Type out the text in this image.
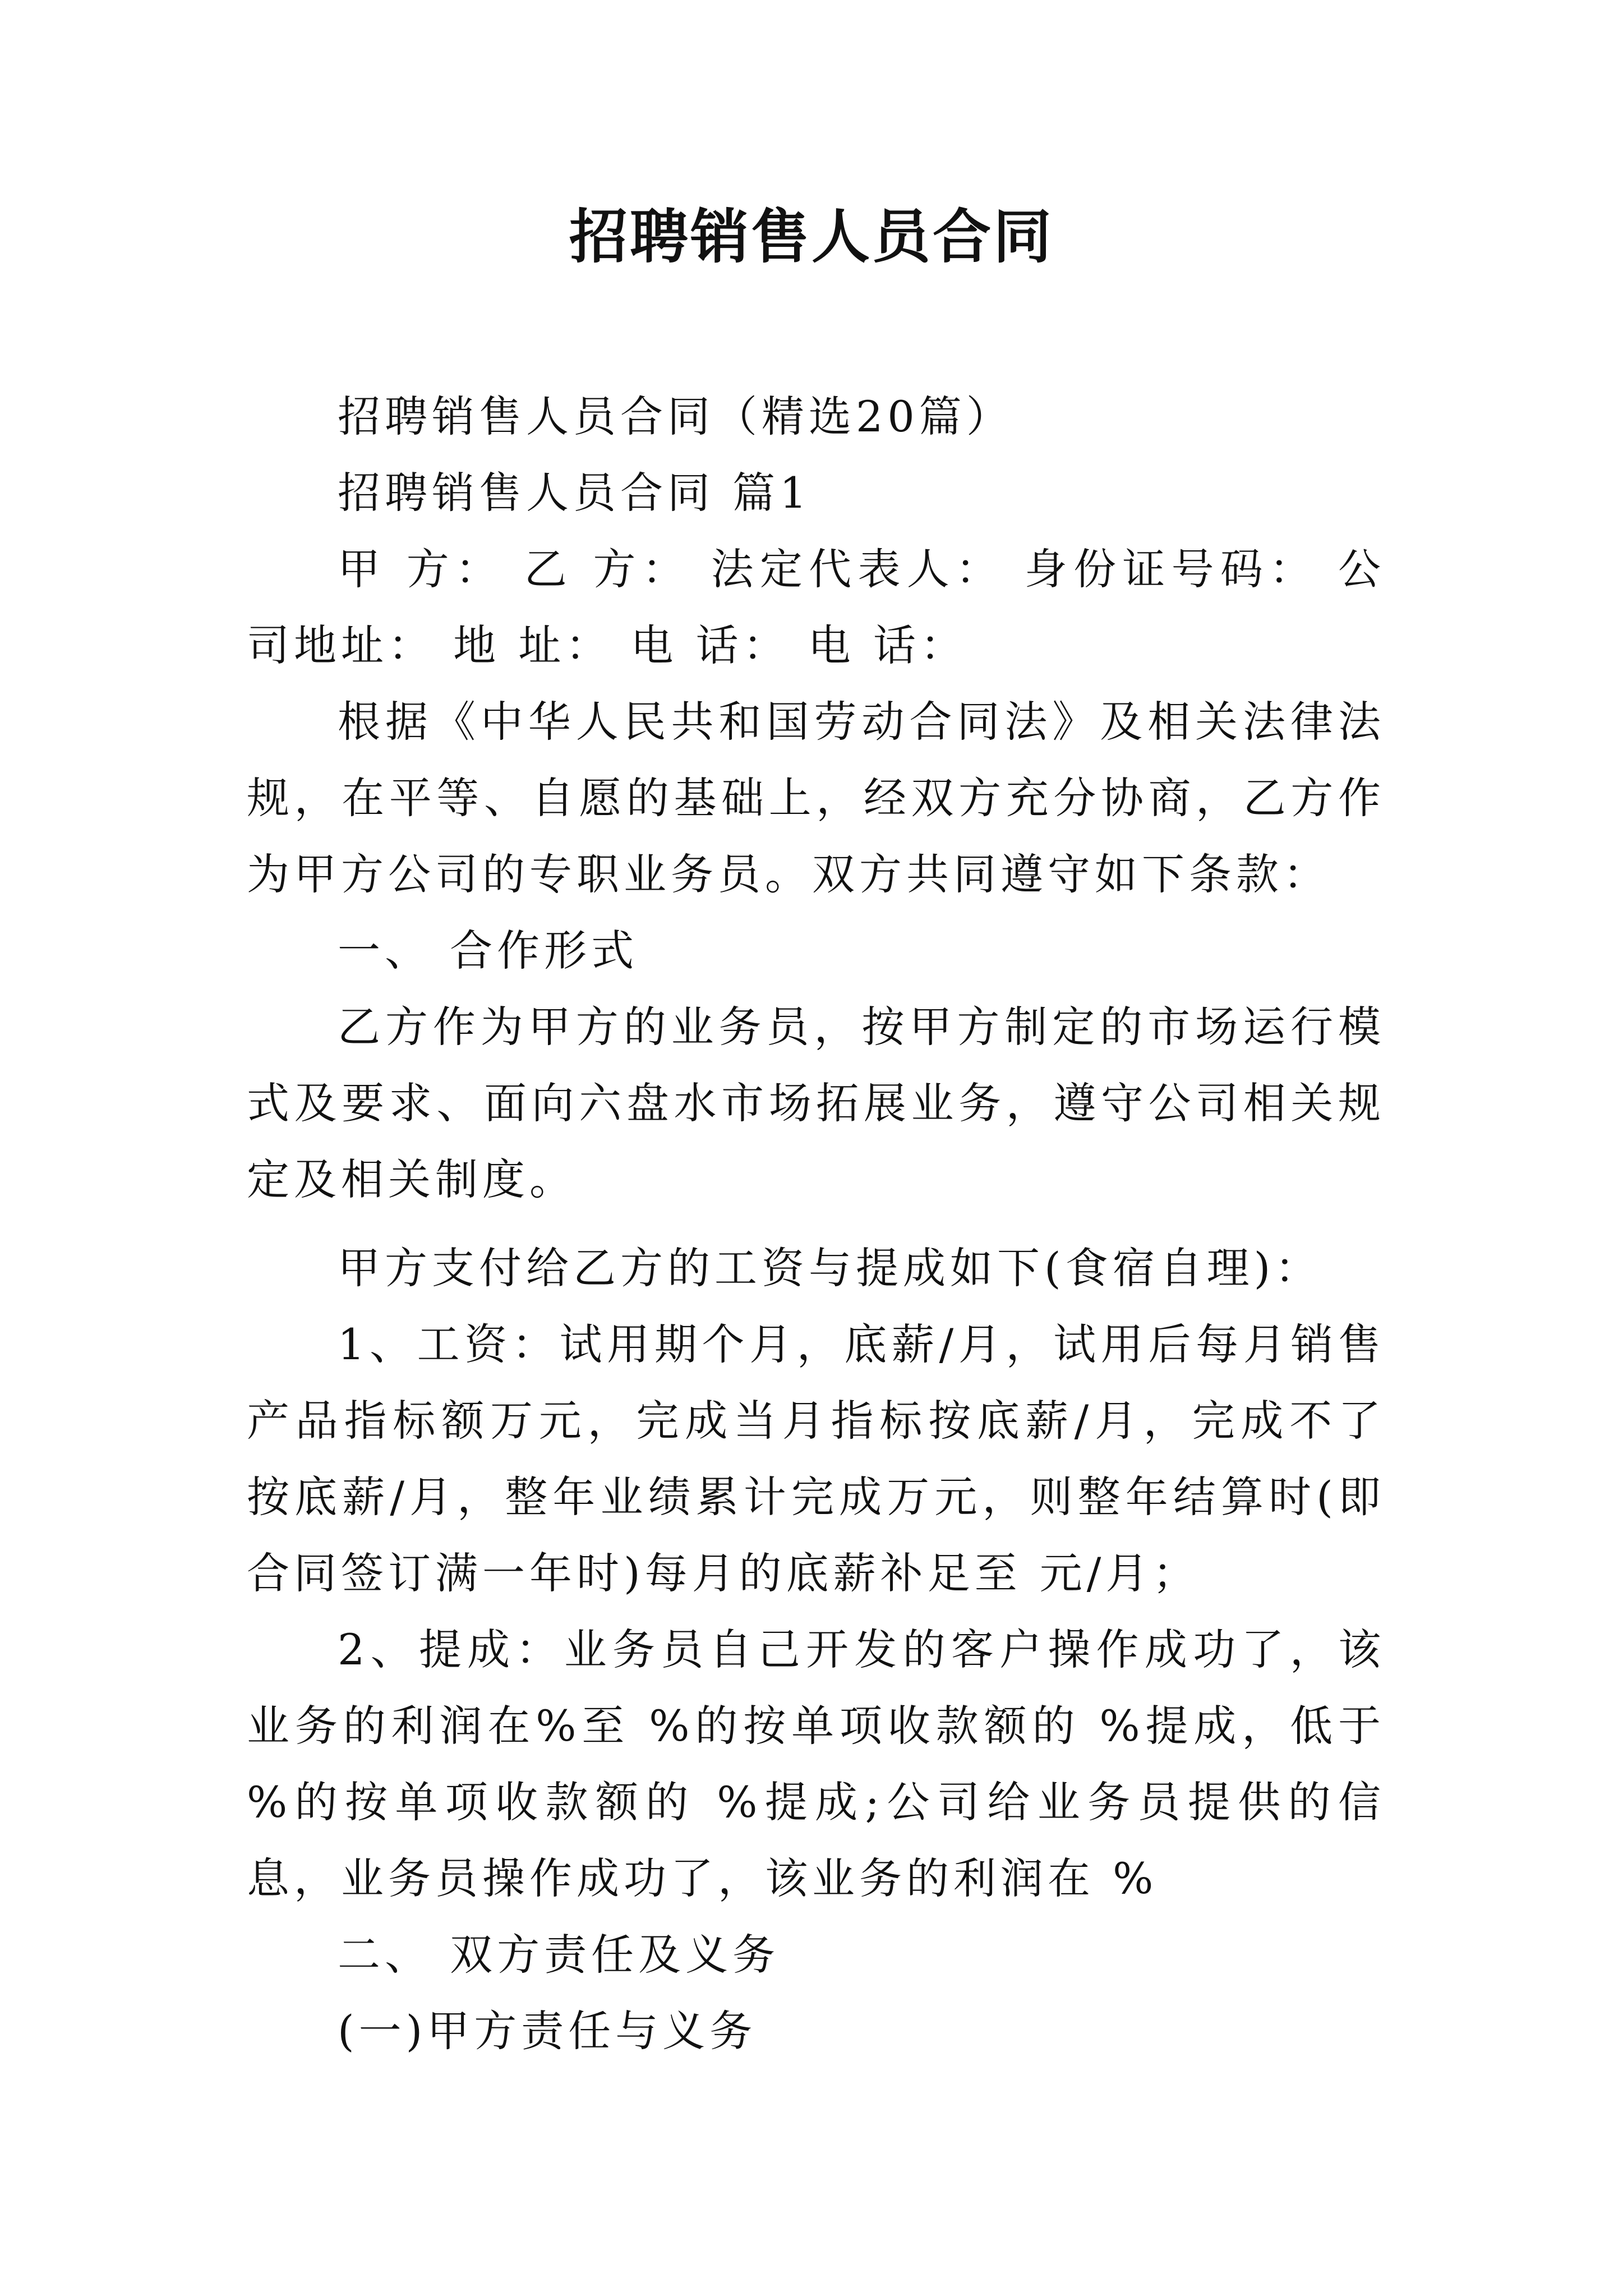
招聘销售人员合同

招聘销售人员合同（精选20篇）

招聘销售人员合同 篇1

甲 方： 乙 方： 法定代表人： 身份证号码： 公司地址： 地 址： 电 话： 电 话：

根据《中华人民共和国劳动合同法》及相关法律法规，在平等、自愿的基础上，经双方充分协商，乙方作为甲方公司的专职业务员。双方共同遵守如下条款：

一、 合作形式

乙方作为甲方的业务员，按甲方制定的市场运行模式及要求、面向六盘水市场拓展业务，遵守公司相关规定及相关制度。

甲方支付给乙方的工资与提成如下(食宿自理)：

1、工资：试用期个月，底薪/月，试用后每月销售产品指标额万元，完成当月指标按底薪/月，完成不了按底薪/月，整年业绩累计完成万元，则整年结算时(即合同签订满一年时)每月的底薪补足至 元/月；

2、提成：业务员自己开发的客户操作成功了，该业务的利润在%至 %的按单项收款额的 %提成，低于 %的按单项收款额的 %提成;公司给业务员提供的信息，业务员操作成功了，该业务的利润在 %

二、 双方责任及义务

(一)甲方责任与义务
